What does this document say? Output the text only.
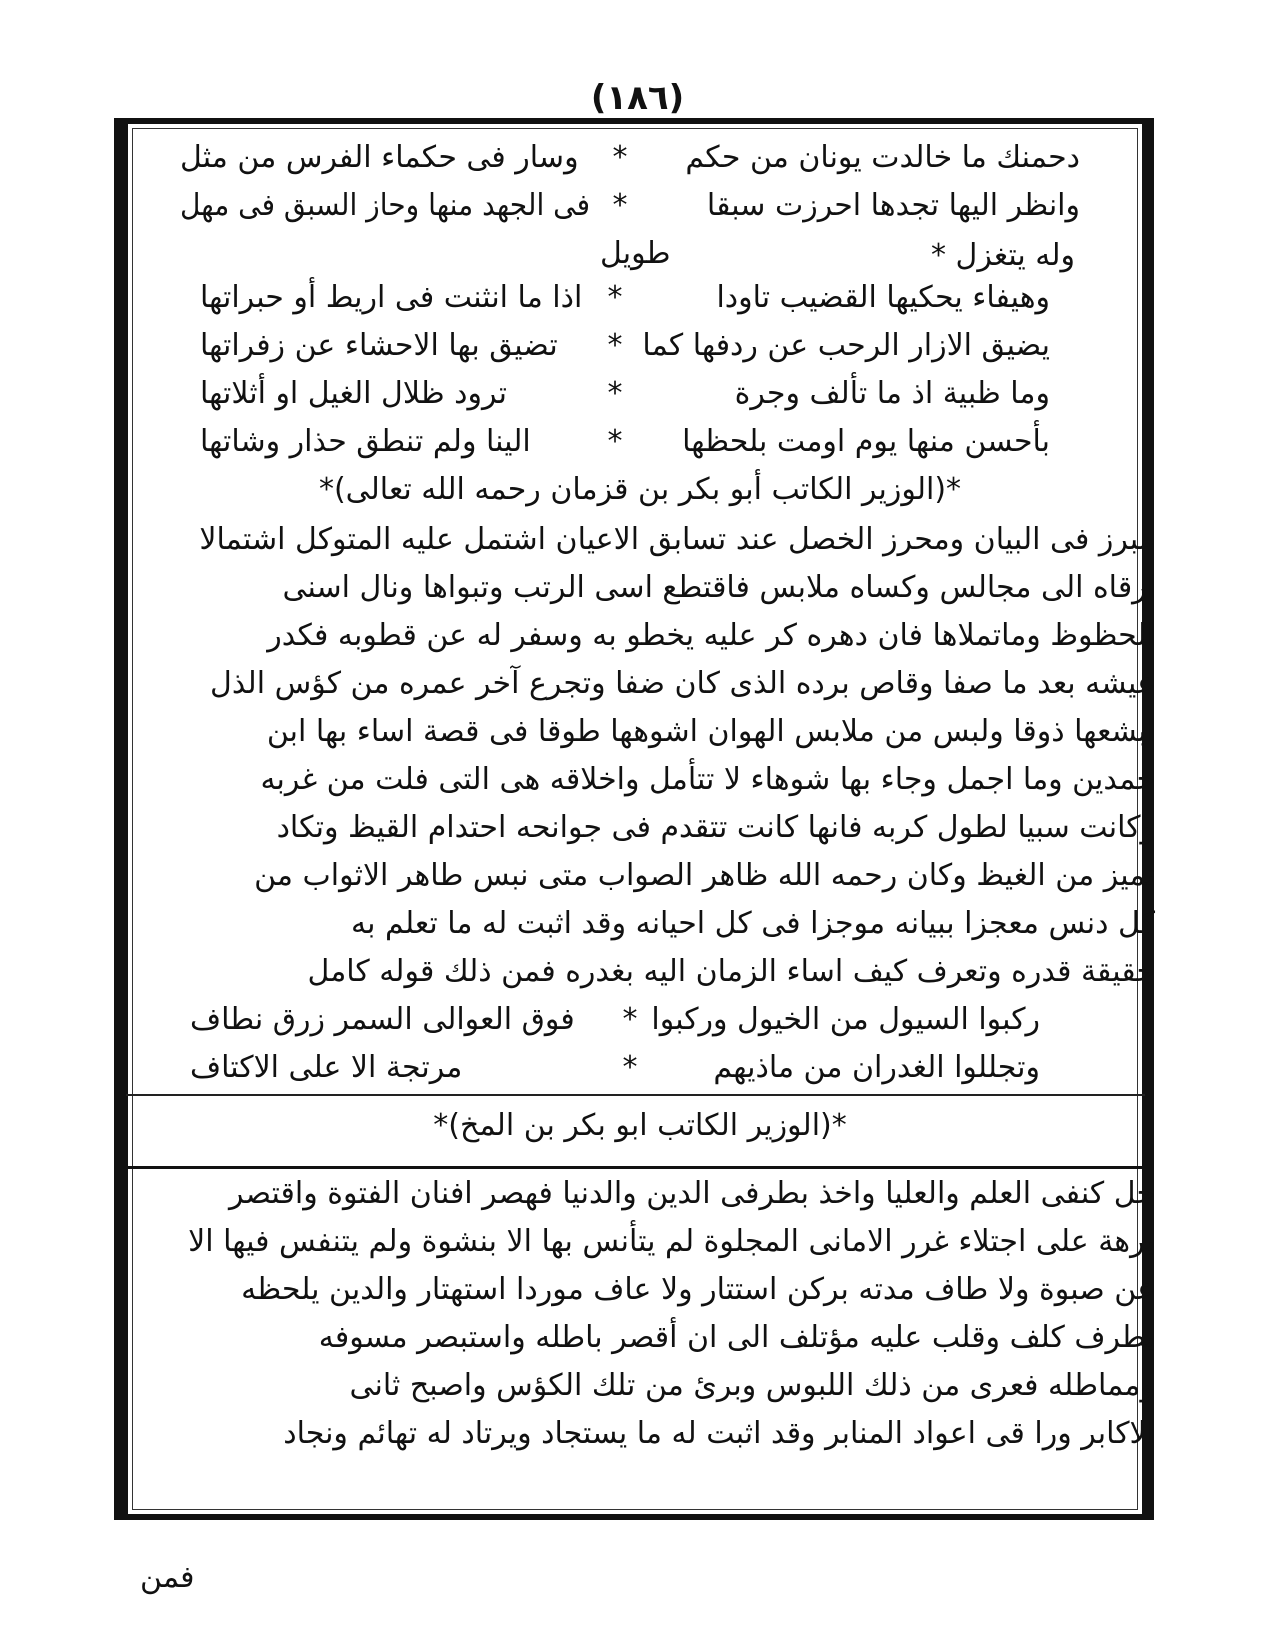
(١٨٦)
دحمنك ما خالدت يونان من حكم
*
وسار فى حكماء الفرس من مثل
وانظر اليها تجدها احرزت سبقا
*
فى الجهد منها وحاز السبق فى مهل
وله يتغزل *
طويل
وهيفاء يحكيها القضيب تاودا
*
اذا ما انثنت فى اريط أو حبراتها
يضيق الازار الرحب عن ردفها كما
*
تضيق بها الاحشاء عن زفراتها
وما ظبية اذ ما تألف وجرة
*
ترود ظلال الغيل او أثلاتها
بأحسن منها يوم اومت بلحظها
*
الينا ولم تنطق حذار وشاتها
*(الوزير الكاتب أبو بكر بن قزمان رحمه الله تعالى)*
مبرز فى البيان ومحرز الخصل عند تسابق الاعيان اشتمل عليه المتوكل اشتمالا
ارقاه الى مجالس وكساه ملابس فاقتطع اسى الرتب وتبواها ونال اسنى
الحظوظ وماتملاها فان دهره كر عليه يخطو به وسفر له عن قطوبه فكدر
عيشه بعد ما صفا وقاص برده الذى كان ضفا وتجرع آخر عمره من كؤس الذل
ابشعها ذوقا ولبس من ملابس الهوان اشوهها طوقا فى قصة اساء بها ابن
حمدين وما اجمل وجاء بها شوهاء لا تتأمل واخلاقه هى التى فلت من غربه
وكانت سبيا لطول كربه فانها كانت تتقدم فى جوانحه احتدام القيظ وتكاد
تميز من الغيظ وكان رحمه الله ظاهر الصواب متى نبس طاهر الاثواب من
كل دنس معجزا ببيانه موجزا فى كل احيانه وقد اثبت له ما تعلم به
حقيقة قدره وتعرف كيف اساء الزمان اليه بغدره فمن ذلك قوله كامل
ركبوا السيول من الخيول وركبوا
*
فوق العوالى السمر زرق نطاف
وتجللوا الغدران من ماذيهم
*
مرتجة الا على الاكتاف
*(الوزير الكاتب ابو بكر بن المخ)*
حل كنفى العلم والعليا واخذ بطرفى الدين والدنيا فهصر افنان الفتوة واقتصر
برهة على اجتلاء غرر الامانى المجلوة لم يتأنس بها الا بنشوة ولم يتنفس فيها الا
عن صبوة ولا طاف مدته بركن استتار ولا عاف موردا استهتار والدين يلحظه
بطرف كلف وقلب عليه مؤتلف الى ان أقصر باطله واستبصر مسوفه
ومماطله فعرى من ذلك اللبوس وبرئ من تلك الكؤس واصبح ثانى
الاكابر ورا قى اعواد المنابر وقد اثبت له ما يستجاد ويرتاد له تهائم ونجاد
فمن
